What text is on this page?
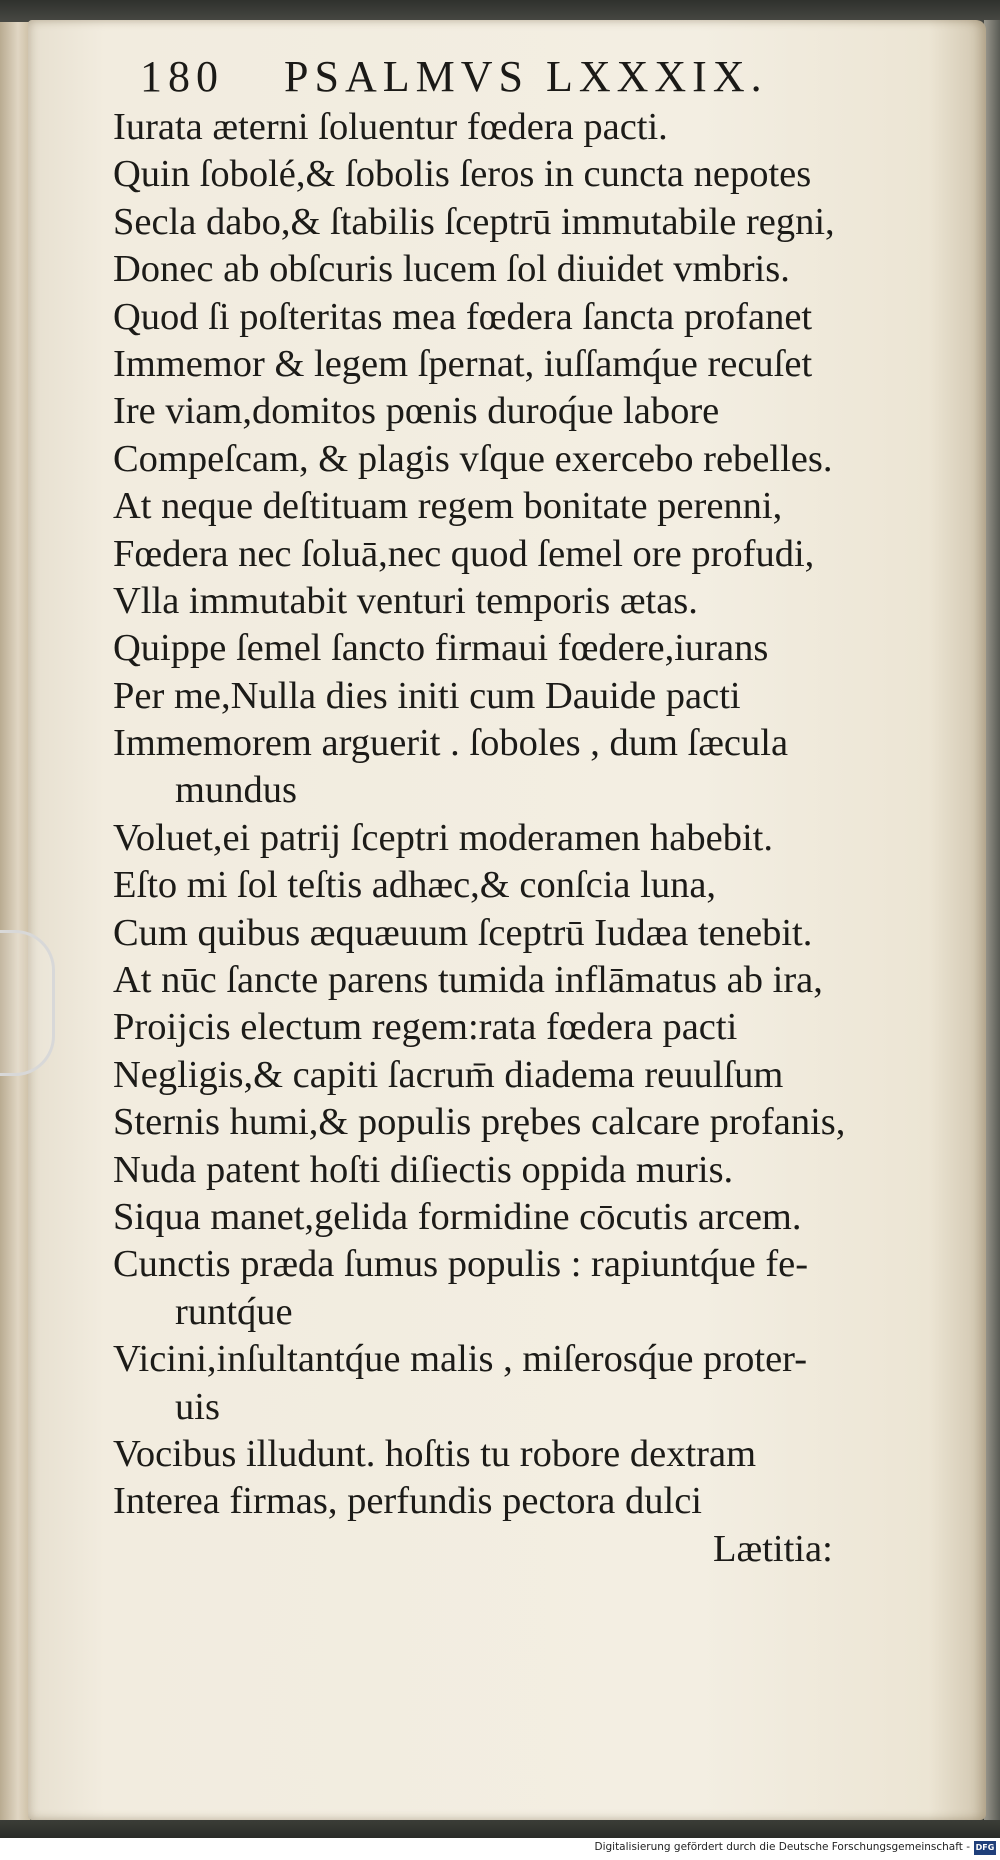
180 PSALMVS LXXXIX.
Iurata æterni ſoluentur fœdera pacti.
Quin ſobolé,& ſobolis ſeros in cuncta nepotes
Secla dabo,& ſtabilis ſceptrū immutabile regni,
Donec ab obſcuris lucem ſol diuidet vmbris.
Quod ſi poſteritas mea fœdera ſancta profanet
Immemor & legem ſpernat, iuſſamq́ue recuſet
Ire viam,domitos pœnis duroq́ue labore
Compeſcam, & plagis vſque exercebo rebelles.
At neque deſtituam regem bonitate perenni,
Fœdera nec ſoluā,nec quod ſemel ore profudi,
Vlla immutabit venturi temporis ætas.
Quippe ſemel ſancto firmaui fœdere,iurans
Per me,Nulla dies initi cum Dauide pacti
Immemorem arguerit . ſoboles , dum ſæcula
mundus
Voluet,ei patrij ſceptri moderamen habebit.
Eſto mi ſol teſtis adhæc,& conſcia luna,
Cum quibus æquæuum ſceptrū Iudæa tenebit.
At nūc ſancte parens tumida inflāmatus ab ira,
Proijcis electum regem:rata fœdera pacti
Negligis,& capiti ſacrum̄ diadema reuulſum
Sternis humi,& populis prębes calcare profanis,
Nuda patent hoſti diſiectis oppida muris.
Siqua manet,gelida formidine cōcutis arcem.
Cunctis præda ſumus populis : rapiuntq́ue fe-
runtq́ue
Vicini,inſultantq́ue malis , miſerosq́ue proter-
uis
Vocibus illudunt. hoſtis tu robore dextram
Interea firmas, perfundis pectora dulci
Lætitia:
Digitalisierung gefördert durch die Deutsche Forschungsgemeinschaft - DFG
